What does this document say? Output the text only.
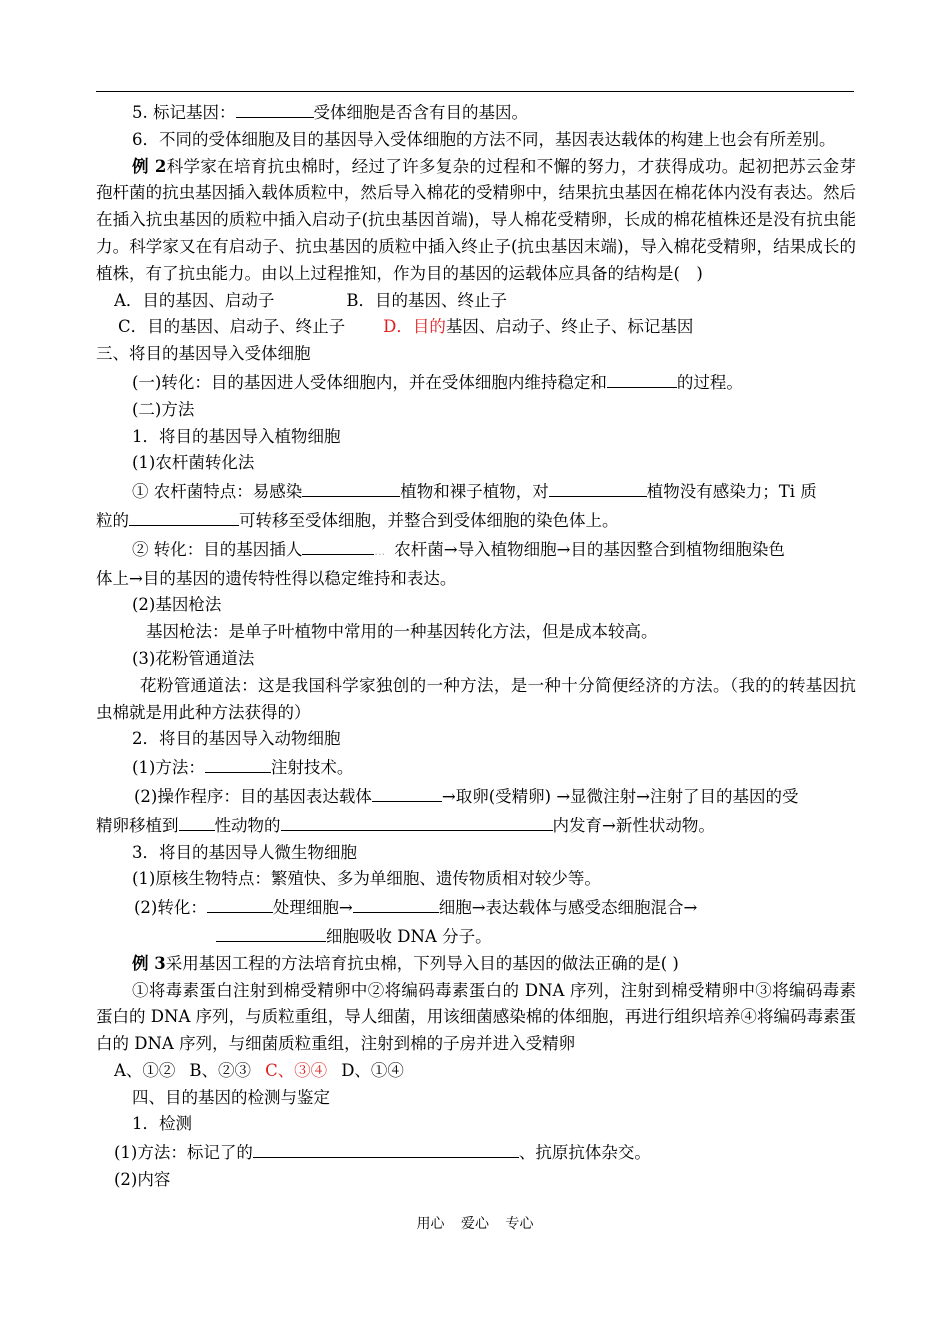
5. 标记基因：	受体细胞是否含有目的基因。

6．不同的受体细胞及目的基因导入受体细胞的方法不同，基因表达载体的构建上也会有所差别。

例 2科学家在培育抗虫棉时，经过了许多复杂的过程和不懈的努力，才获得成功。起初把苏云金芽孢杆菌的抗虫基因插入载体质粒中，然后导入棉花的受精卵中，结果抗虫基因在棉花体内没有表达。然后在插入抗虫基因的质粒中插入启动子(抗虫基因首端)，导人棉花受精卵，长成的棉花植株还是没有抗虫能力。科学家又在有启动子、抗虫基因的质粒中插入终止子(抗虫基因末端)，导入棉花受精卵，结果成长的植株，有了抗虫能力。由以上过程推知，作为目的基因的运载体应具备的结构是(　)

A．目的基因、启动子	B．目的基因、终止子

C．目的基因、启动子、终止子 D．目的基因、启动子、终止子、标记基因

三、将目的基因导入受体细胞

(一)转化：目的基因进人受体细胞内，并在受体细胞内维持稳定和	的过程。

(二)方法

1．将目的基因导入植物细胞

(1)农杆菌转化法

① 农杆菌特点：易感染	植物和裸子植物，对	植物没有感染力；Ti 质

粒的	可转移至受体细胞，并整合到受体细胞的染色体上。

② 转化：目的基因插人	… 农杆菌→导入植物细胞→目的基因整合到植物细胞染色

体上→目的基因的遗传特性得以稳定维持和表达。

(2)基因枪法

基因枪法：是单子叶植物中常用的一种基因转化方法，但是成本较高。

(3)花粉管通道法

花粉管通道法：这是我国科学家独创的一种方法，是一种十分简便经济的方法。（我的的转基因抗虫棉就是用此种方法获得的）

2．将目的基因导入动物细胞

(1)方法：	注射技术。

(2)操作程序：目的基因表达载体	→取卵(受精卵) →显微注射→注射了目的基因的受

精卵移植到 性动物的	内发育→新性状动物。

3．将目的基因导人微生物细胞

(1)原核生物特点：繁殖快、多为单细胞、遗传物质相对较少等。

(2)转化：	处理细胞→	细胞→表达载体与感受态细胞混合→

细胞吸收 DNA 分子。

例 3采用基因工程的方法培育抗虫棉，下列导入目的基因的做法正确的是( )

①将毒素蛋白注射到棉受精卵中②将编码毒素蛋白的 DNA 序列，注射到棉受精卵中③将编码毒素蛋白的 DNA 序列，与质粒重组，导人细菌，用该细菌感染棉的体细胞，再进行组织培养④将编码毒素蛋白的 DNA 序列，与细菌质粒重组，注射到棉的子房并进入受精卵

A、①② B、②③ C、③④ D、①④

四、目的基因的检测与鉴定

1．检测

(1)方法：标记了的	、抗原抗体杂交。

(2)内容

用心 爱心 专心
